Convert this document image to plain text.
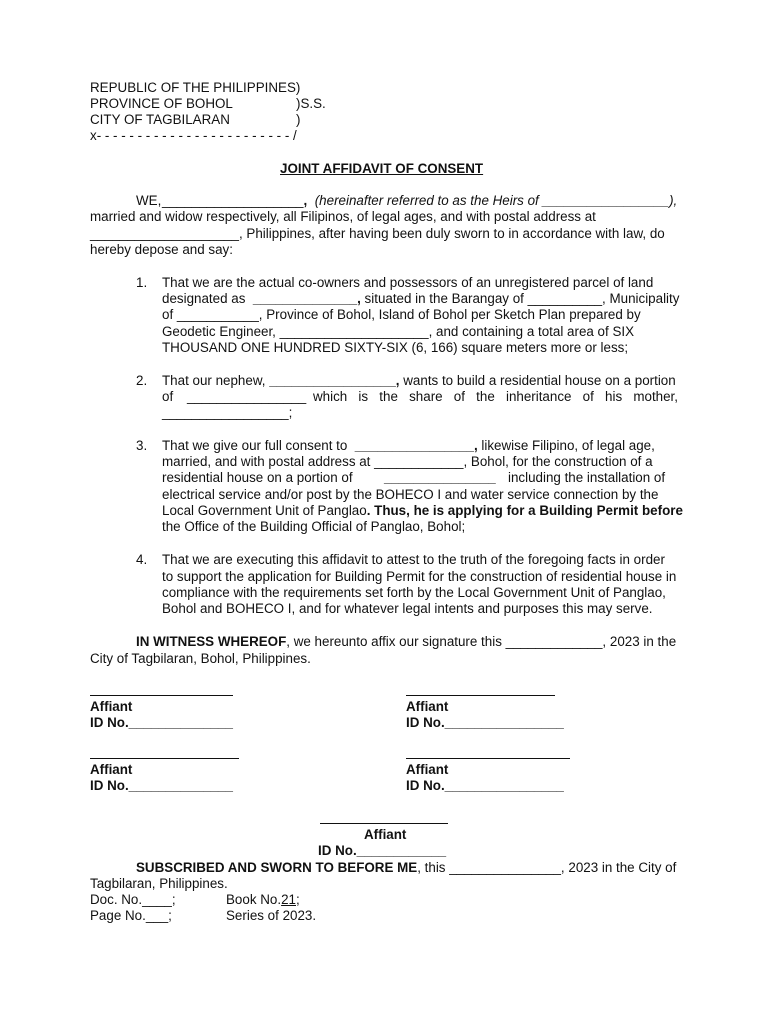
REPUBLIC OF THE PHILIPPINES)
PROVINCE OF BOHOL	)S.S.
CITY OF TAGBILARAN	)
x- - - - - - - - - - - - - - - - - - - - - - - - /
JOINT AFFIDAVIT OF CONSENT
WE, ___________________, (hereinafter referred to as the Heirs of _________________),
married and widow respectively, all Filipinos, of legal ages, and with postal address at
____________________, Philippines, after having been duly sworn to in accordance with law, do
hereby depose and say:
1. That we are the actual co-owners and possessors of an unregistered parcel of land
designated as ______________, situated in the Barangay of __________, Municipality
of ___________, Province of Bohol, Island of Bohol per Sketch Plan prepared by
Geodetic Engineer, ____________________, and containing a total area of SIX
THOUSAND ONE HUNDRED SIXTY-SIX (6, 166) square meters more or less;
2. That our nephew, _________________, wants to build a residential house on a portion
of ________________ which is the share of the inheritance of his mother,
_________________;
3. That we give our full consent to  ________________, likewise Filipino, of legal age,
married, and with postal address at ____________, Bohol, for the construction of a
residential house on a portion of _______________ including the installation of
electrical service and/or post by the BOHECO I and water service connection by the
Local Government Unit of Panglao. Thus, he is applying for a Building Permit before
the Office of the Building Official of Panglao, Bohol;
4. That we are executing this affidavit to attest to the truth of the foregoing facts in order
to support the application for Building Permit for the construction of residential house in
compliance with the requirements set forth by the Local Government Unit of Panglao,
Bohol and BOHECO I, and for whatever legal intents and purposes this may serve.
IN WITNESS WHEREOF, we hereunto affix our signature this _____________, 2023 in the
City of Tagbilaran, Bohol, Philippines.
Affiant
ID No.______________
Affiant
ID No.________________
Affiant
ID No.______________
Affiant
ID No.________________
Affiant
ID No.____________
SUBSCRIBED AND SWORN TO BEFORE ME, this _______________, 2023 in the City of
Tagbilaran, Philippines.
Doc. No.____;	Book No.21;
Page No.___;	Series of 2023.
